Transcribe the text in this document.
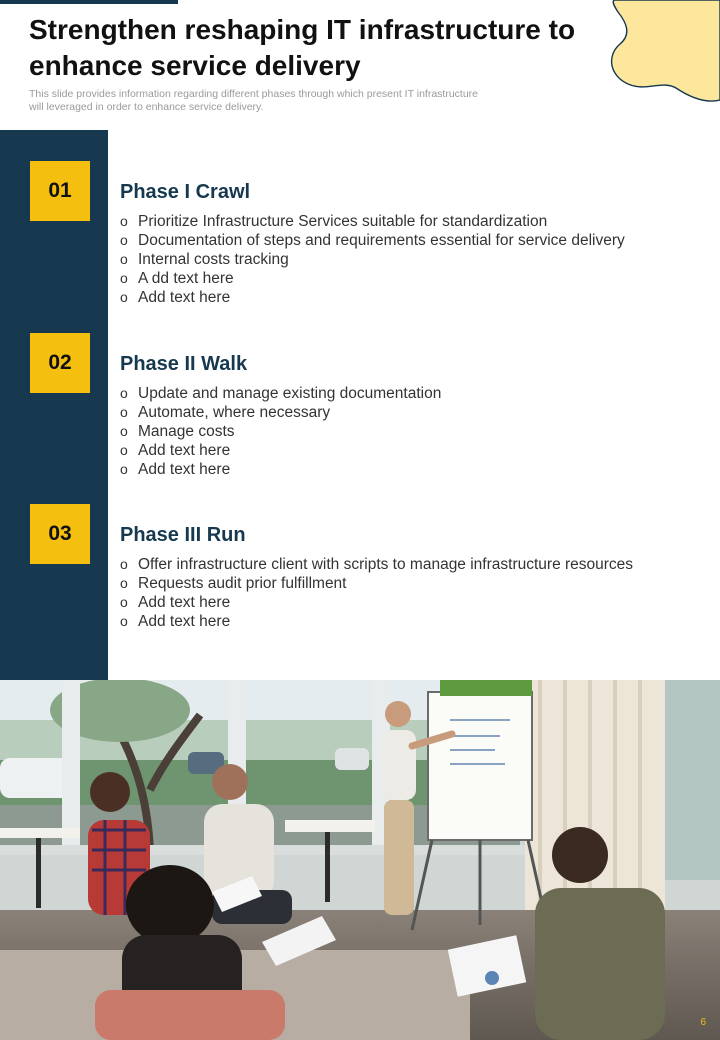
Strengthen reshaping IT infrastructure to enhance service delivery

This slide provides information regarding different phases through which present IT infrastructure will leveraged in order to enhance service delivery.

01
02
03
Phase I Crawl
o Prioritize Infrastructure Services suitable for standardization
o Documentation of steps and requirements essential for service delivery
o Internal costs tracking
o A dd text here
o Add text here
Phase II Walk
o Update and manage existing documentation
o Automate, where necessary
o Manage costs
o Add text here
o Add text here
Phase III Run
o Offer infrastructure client with scripts to manage infrastructure resources
o Requests audit prior fulfillment
o Add text here
o Add text here
6
